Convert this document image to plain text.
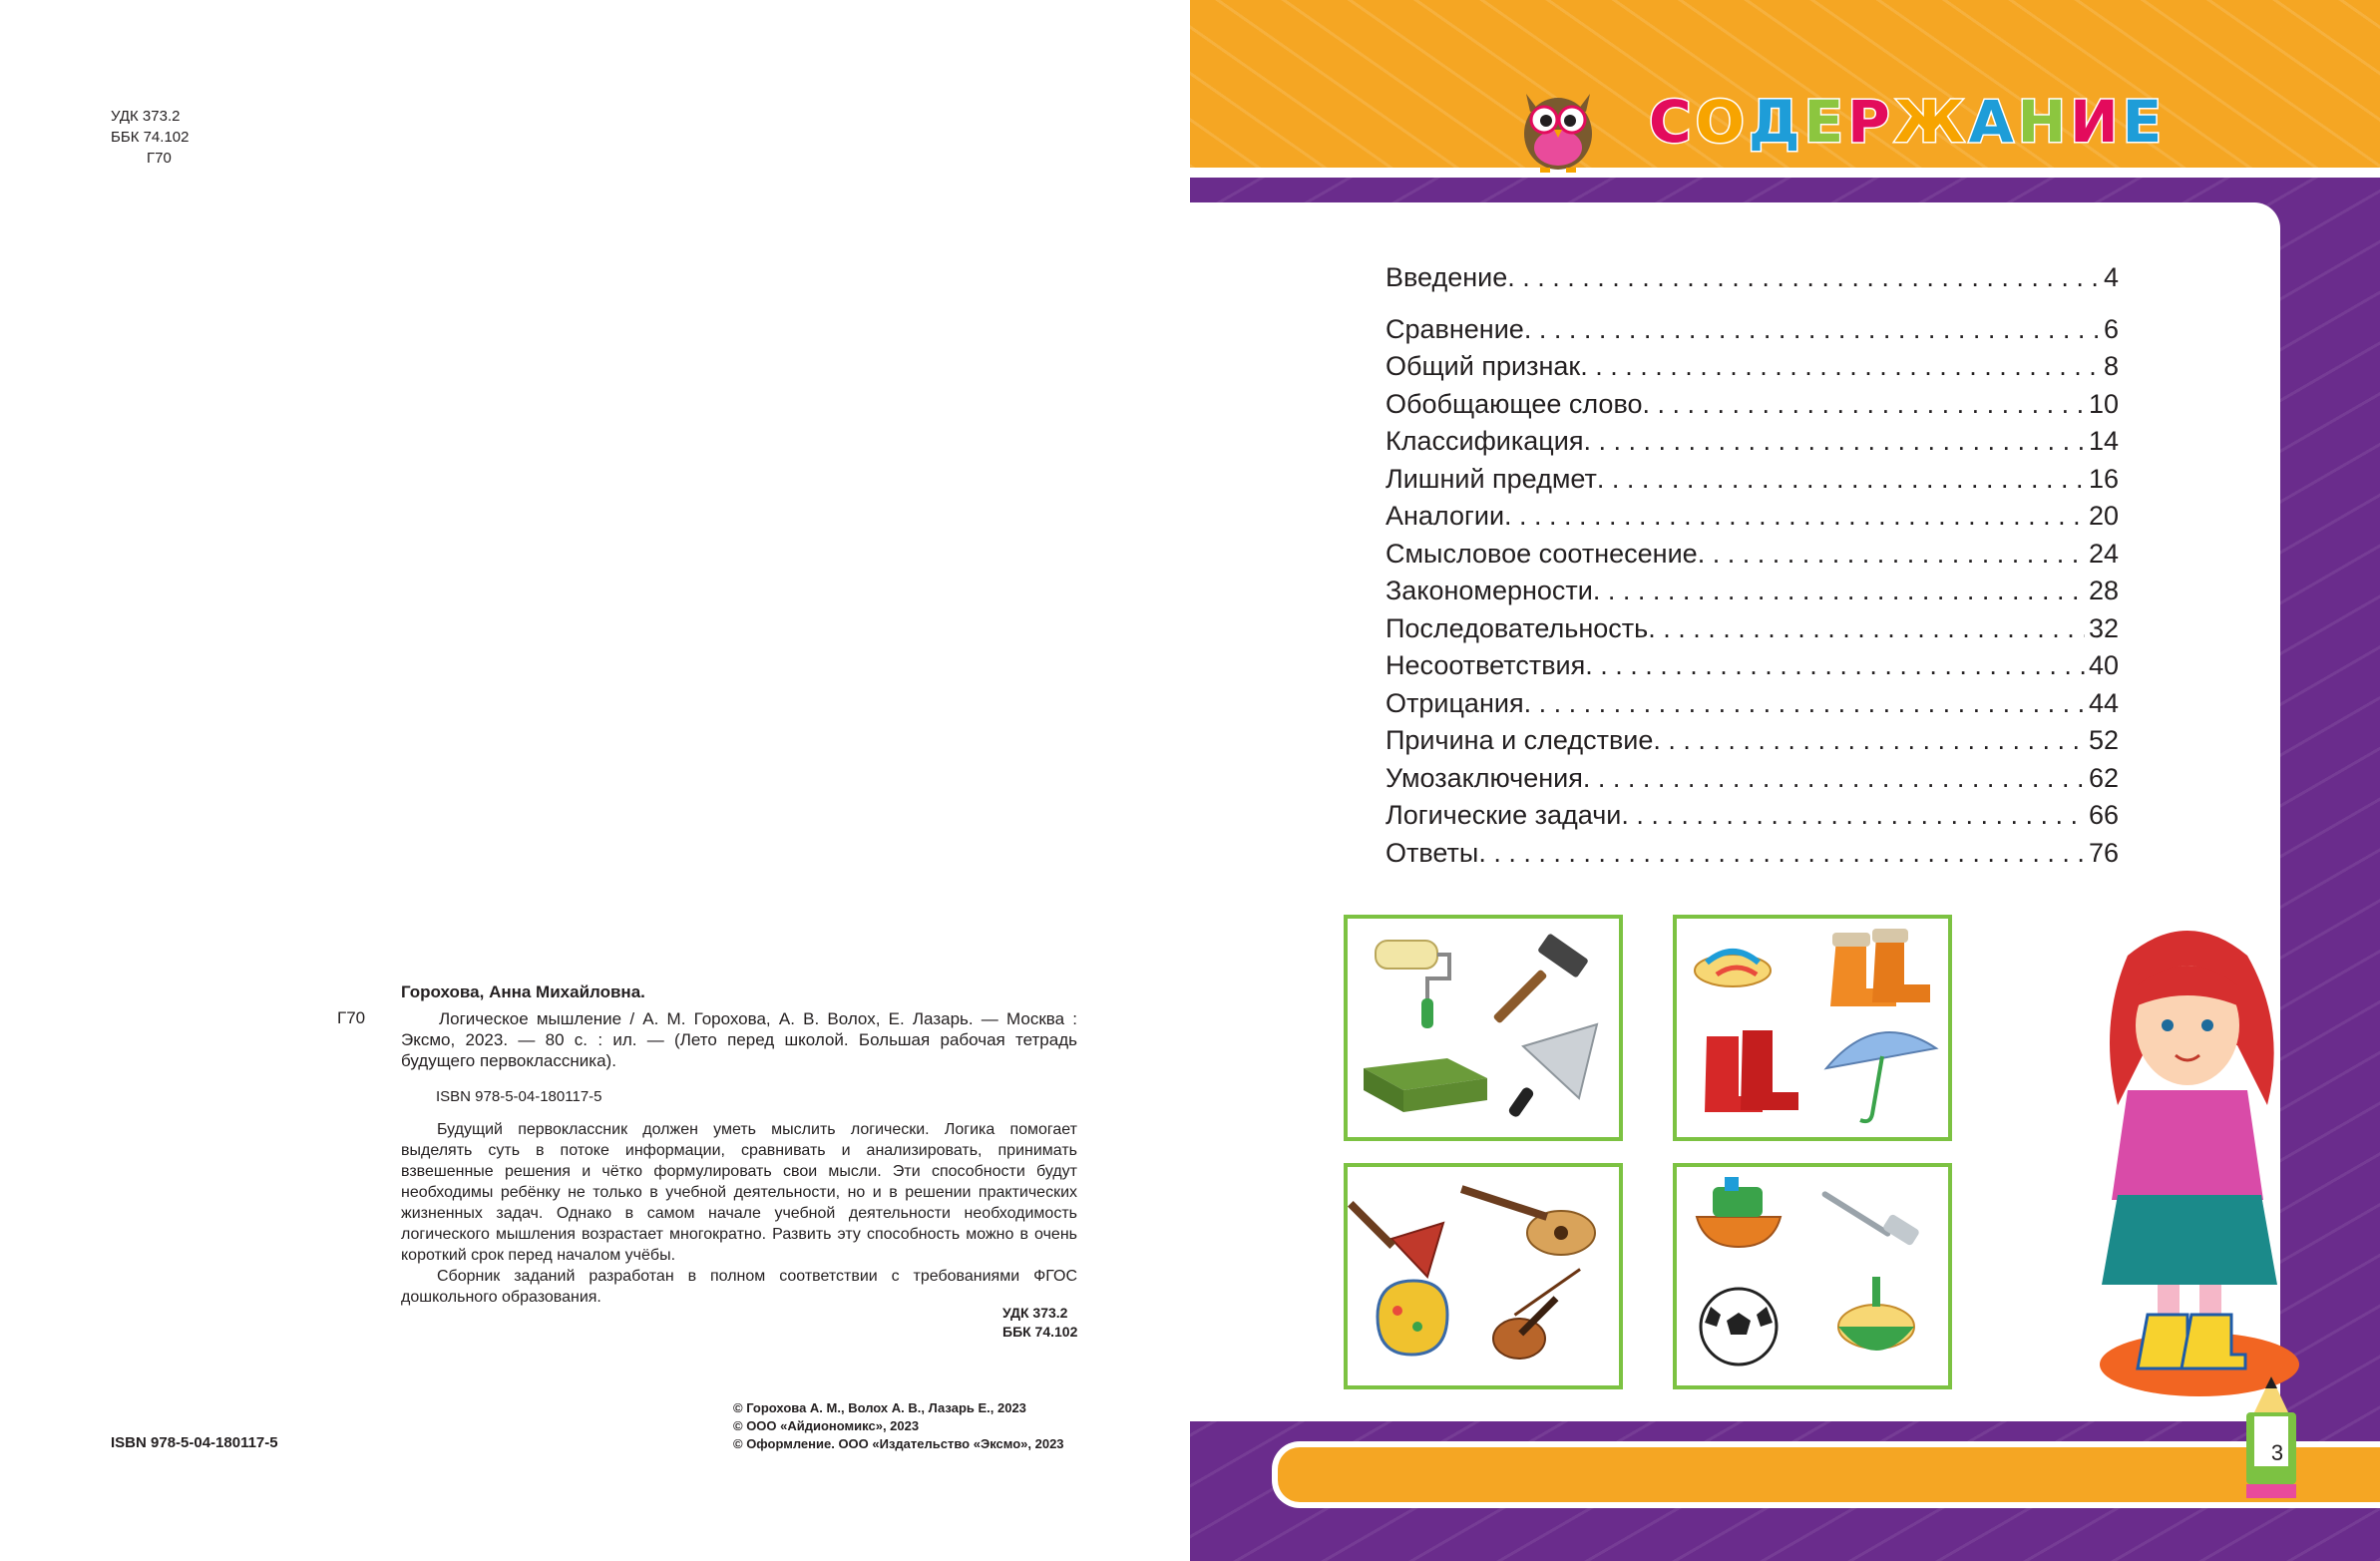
УДК 373.2
ББК 74.102
Г70
Горохова, Анна Михайловна.
Г70	Логическое мышление / А. М. Горохова, А. В. Волох, Е. Лазарь. — Москва : Эксмо, 2023. — 80 с. : ил. — (Лето перед школой. Большая рабочая тетрадь будущего первоклассника).
ISBN 978-5-04-180117-5

Будущий первоклассник должен уметь мыслить логически. Логика помогает выделять суть в потоке информации, сравнивать и анализировать, принимать взвешенные решения и чётко формулировать свои мысли. Эти способности будут необходимы ребёнку не только в учебной деятельности, но и в решении практических жизненных задач. Однако в самом начале учебной деятельности необходимость логического мышления возрастает многократно. Развить эту способность можно в очень короткий срок перед началом учёбы.

Сборник заданий разработан в полном соответствии с требованиями ФГОС дошкольного образования.

УДК 373.2
ББК 74.102
ISBN 978-5-04-180117-5
© Горохова А. М., Волох А. В., Лазарь Е., 2023
© ООО «Айдиономикс», 2023
© Оформление. ООО «Издательство «Эксмо», 2023
СОДЕРЖАНИЕ
Введение . . .	4
Сравнение . . .	6
Общий признак . . .	8
Обобщающее слово . . .	10
Классификация . . .	14
Лишний предмет . . .	16
Аналогии . . .	20
Смысловое соотнесение . . .	24
Закономерности . . .	28
Последовательность . . .	32
Несоответствия . . .	40
Отрицания . . .	44
Причина и следствие . . .	52
Умозаключения . . .	62
Логические задачи . . .	66
Ответы . . .	76
3
